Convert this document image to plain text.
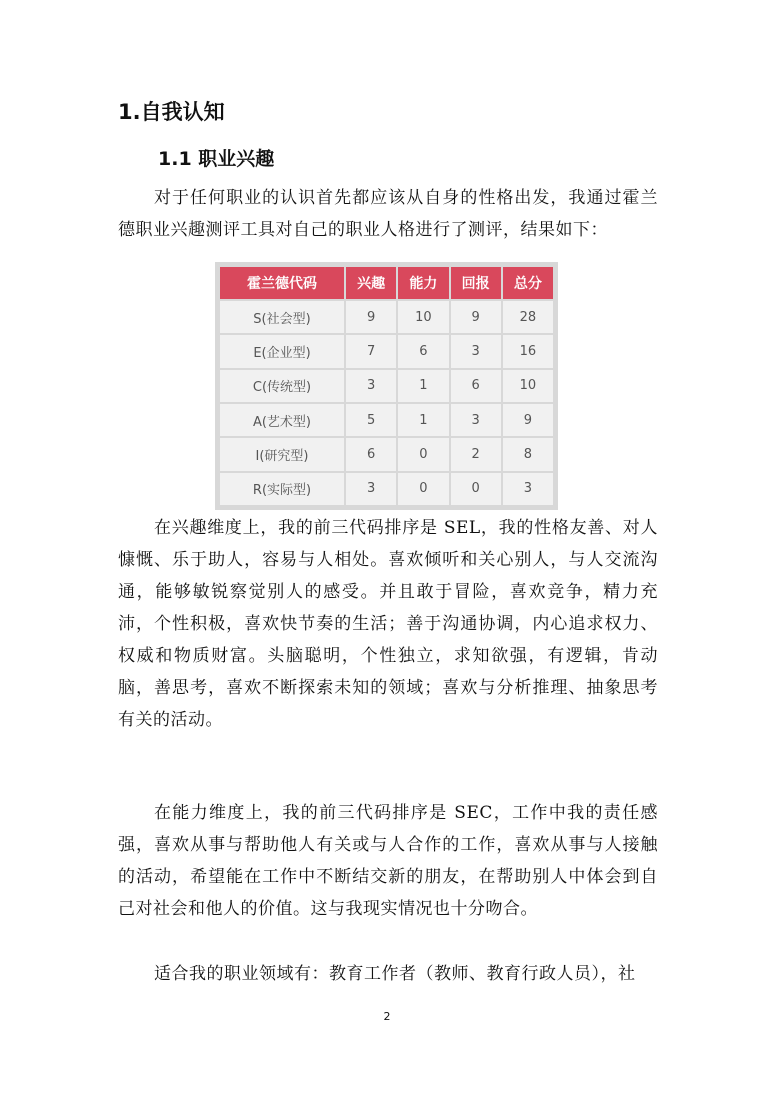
1.自我认知
1.1 职业兴趣

对于任何职业的认识首先都应该从自身的性格出发，我通过霍兰德职业兴趣测评工具对自己的职业人格进行了测评，结果如下：

霍兰德代码	兴趣	能力	回报	总分
S(社会型)	9	10	9	28
E(企业型)	7	6	3	16
C(传统型)	3	1	6	10
A(艺术型)	5	1	3	9
I(研究型)	6	0	2	8
R(实际型)	3	0	0	3

在兴趣维度上，我的前三代码排序是 SEL，我的性格友善、对人慷慨、乐于助人，容易与人相处。喜欢倾听和关心别人，与人交流沟通，能够敏锐察觉别人的感受。并且敢于冒险，喜欢竞争，精力充沛，个性积极，喜欢快节奏的生活；善于沟通协调，内心追求权力、权威和物质财富。头脑聪明，个性独立，求知欲强，有逻辑，肯动脑，善思考，喜欢不断探索未知的领域；喜欢与分析推理、抽象思考有关的活动。

在能力维度上，我的前三代码排序是 SEC，工作中我的责任感强，喜欢从事与帮助他人有关或与人合作的工作，喜欢从事与人接触的活动，希望能在工作中不断结交新的朋友，在帮助别人中体会到自己对社会和他人的价值。这与我现实情况也十分吻合。

适合我的职业领域有：教育工作者（教师、教育行政人员），社

2
